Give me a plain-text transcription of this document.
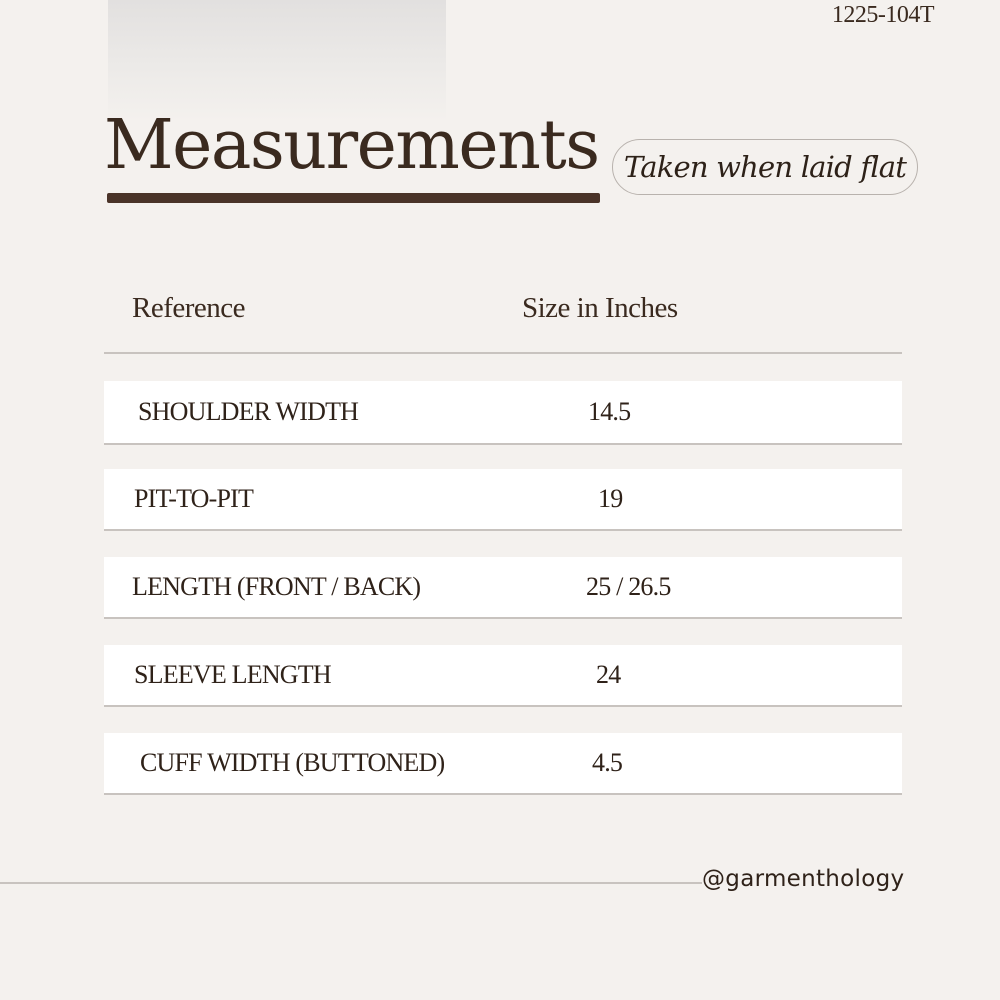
1225-104T
Measurements Taken when laid flat
Reference	Size in Inches
SHOULDER WIDTH	14.5
PIT-TO-PIT	19
LENGTH (FRONT / BACK)	25 / 26.5
SLEEVE LENGTH	24
CUFF WIDTH (BUTTONED)	4.5
@garmenthology
